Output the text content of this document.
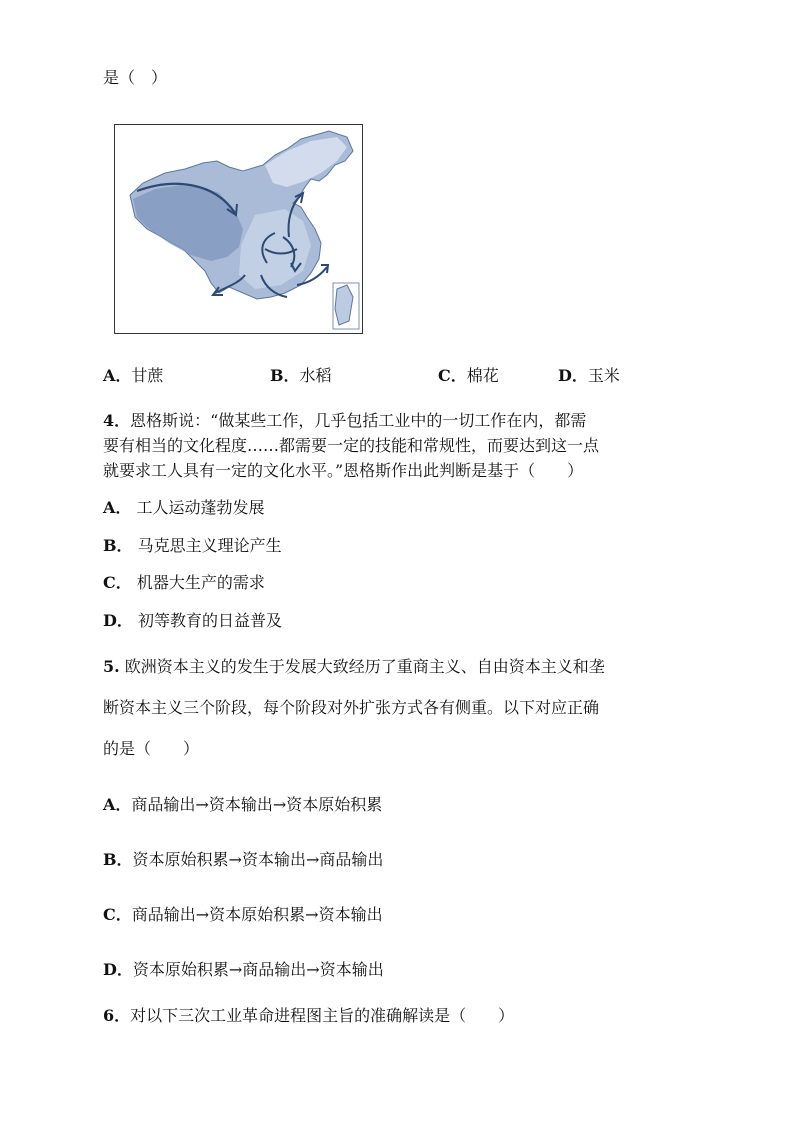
是（　）
A．甘蔗	B．水稻	C．棉花	D．玉米
4．恩格斯说：“做某些工作，几乎包括工业中的一切工作在内，都需
要有相当的文化程度……都需要一定的技能和常规性，而要达到这一点
就要求工人具有一定的文化水平。”恩格斯作出此判断是基于（　　）
A． 工人运动蓬勃发展
B． 马克思主义理论产生
C． 机器大生产的需求
D． 初等教育的日益普及
5. 欧洲资本主义的发生于发展大致经历了重商主义、自由资本主义和垄
断资本主义三个阶段，每个阶段对外扩张方式各有侧重。以下对应正确
的是（　　）
A．商品输出→资本输出→资本原始积累
B．资本原始积累→资本输出→商品输出
C．商品输出→资本原始积累→资本输出
D．资本原始积累→商品输出→资本输出
6．对以下三次工业革命进程图主旨的准确解读是（　　）
